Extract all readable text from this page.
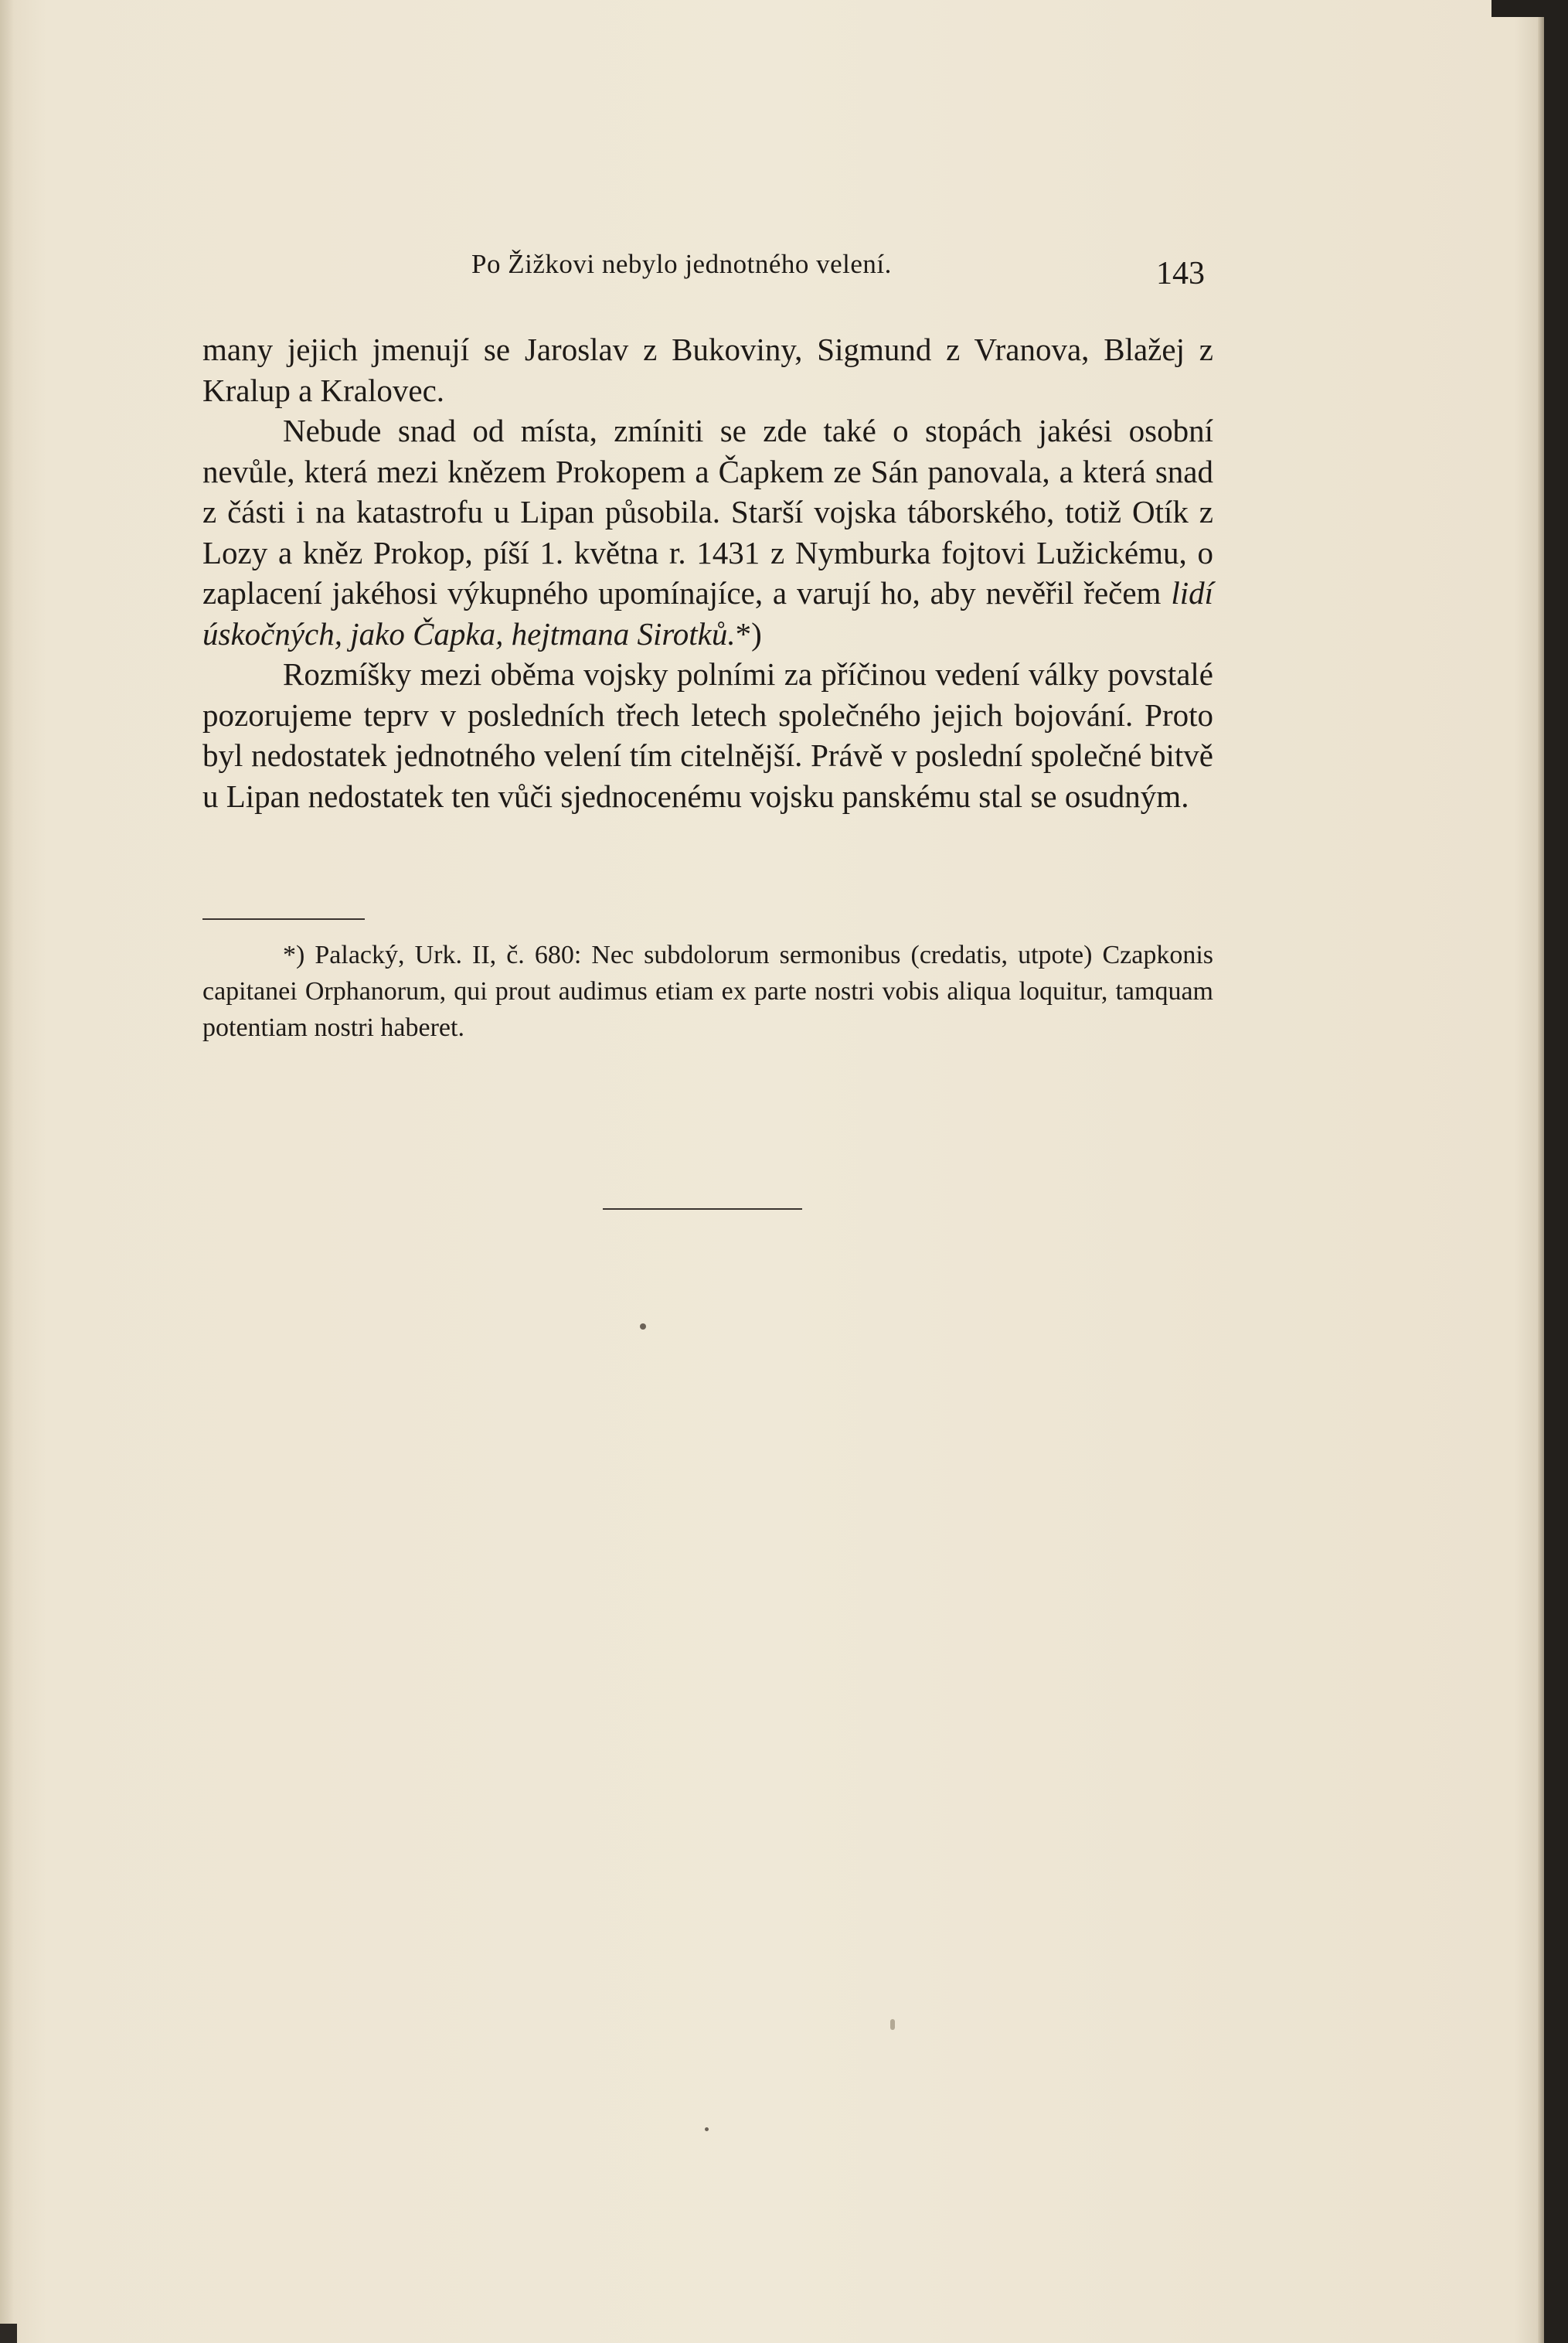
Po Žižkovi nebylo jednotného velení.	143

many jejich jmenují se Jaroslav z Bukoviny, Sigmund z Vranova, Blažej z Kralup a Kralovec.

Nebude snad od místa, zmíniti se zde také o stopách jakési osobní nevůle, která mezi knězem Prokopem a Čapkem ze Sán panovala, a která snad z části i na katastrofu u Lipan působila. Starší vojska táborského, totiž Otík z Lozy a kněz Prokop, píší 1. května r. 1431 z Nymburka fojtovi Lužickému, o zaplacení jakéhosi výkupného upomínajíce, a varují ho, aby nevěřil řečem lidí úskočných, jako Čapka, hejtmana Sirotků.*)

Rozmíšky mezi oběma vojsky polními za příčinou vedení války povstalé pozorujeme teprv v posledních třech letech společného jejich bojování. Proto byl nedostatek jednotného velení tím citelnější. Právě v poslední společné bitvě u Lipan nedostatek ten vůči sjednocenému vojsku panskému stal se osudným.

*) Palacký, Urk. II, č. 680: Nec subdolorum sermonibus (credatis, utpote) Czapkonis capitanei Orphanorum, qui prout audimus etiam ex parte nostri vobis aliqua loquitur, tamquam potentiam nostri haberet.
